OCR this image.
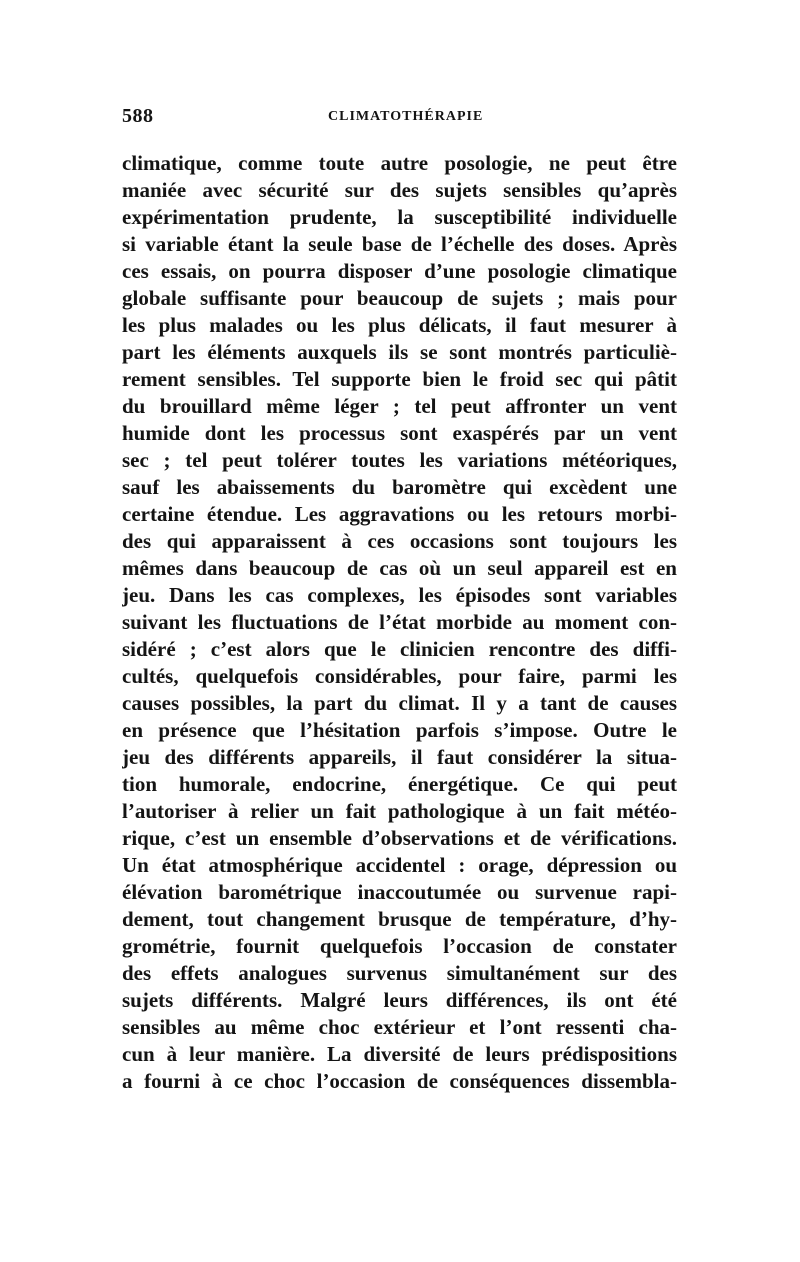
588	CLIMATOTHÉRAPIE
climatique, comme toute autre posologie, ne peut être
maniée avec sécurité sur des sujets sensibles qu’après
expérimentation prudente, la susceptibilité individuelle
si variable étant la seule base de l’échelle des doses. Après
ces essais, on pourra disposer d’une posologie climatique
globale suffisante pour beaucoup de sujets ; mais pour
les plus malades ou les plus délicats, il faut mesurer à
part les éléments auxquels ils se sont montrés particuliè-
rement sensibles. Tel supporte bien le froid sec qui pâtit
du brouillard même léger ; tel peut affronter un vent
humide dont les processus sont exaspérés par un vent
sec ; tel peut tolérer toutes les variations météoriques,
sauf les abaissements du baromètre qui excèdent une
certaine étendue. Les aggravations ou les retours morbi-
des qui apparaissent à ces occasions sont toujours les
mêmes dans beaucoup de cas où un seul appareil est en
jeu. Dans les cas complexes, les épisodes sont variables
suivant les fluctuations de l’état morbide au moment con-
sidéré ; c’est alors que le clinicien rencontre des diffi-
cultés, quelquefois considérables, pour faire, parmi les
causes possibles, la part du climat. Il y a tant de causes
en présence que l’hésitation parfois s’impose. Outre le
jeu des différents appareils, il faut considérer la situa-
tion humorale, endocrine, énergétique. Ce qui peut
l’autoriser à relier un fait pathologique à un fait météo-
rique, c’est un ensemble d’observations et de vérifications.
Un état atmosphérique accidentel : orage, dépression ou
élévation barométrique inaccoutumée ou survenue rapi-
dement, tout changement brusque de température, d’hy-
grométrie, fournit quelquefois l’occasion de constater
des effets analogues survenus simultanément sur des
sujets différents. Malgré leurs différences, ils ont été
sensibles au même choc extérieur et l’ont ressenti cha-
cun à leur manière. La diversité de leurs prédispositions
a fourni à ce choc l’occasion de conséquences dissembla-
